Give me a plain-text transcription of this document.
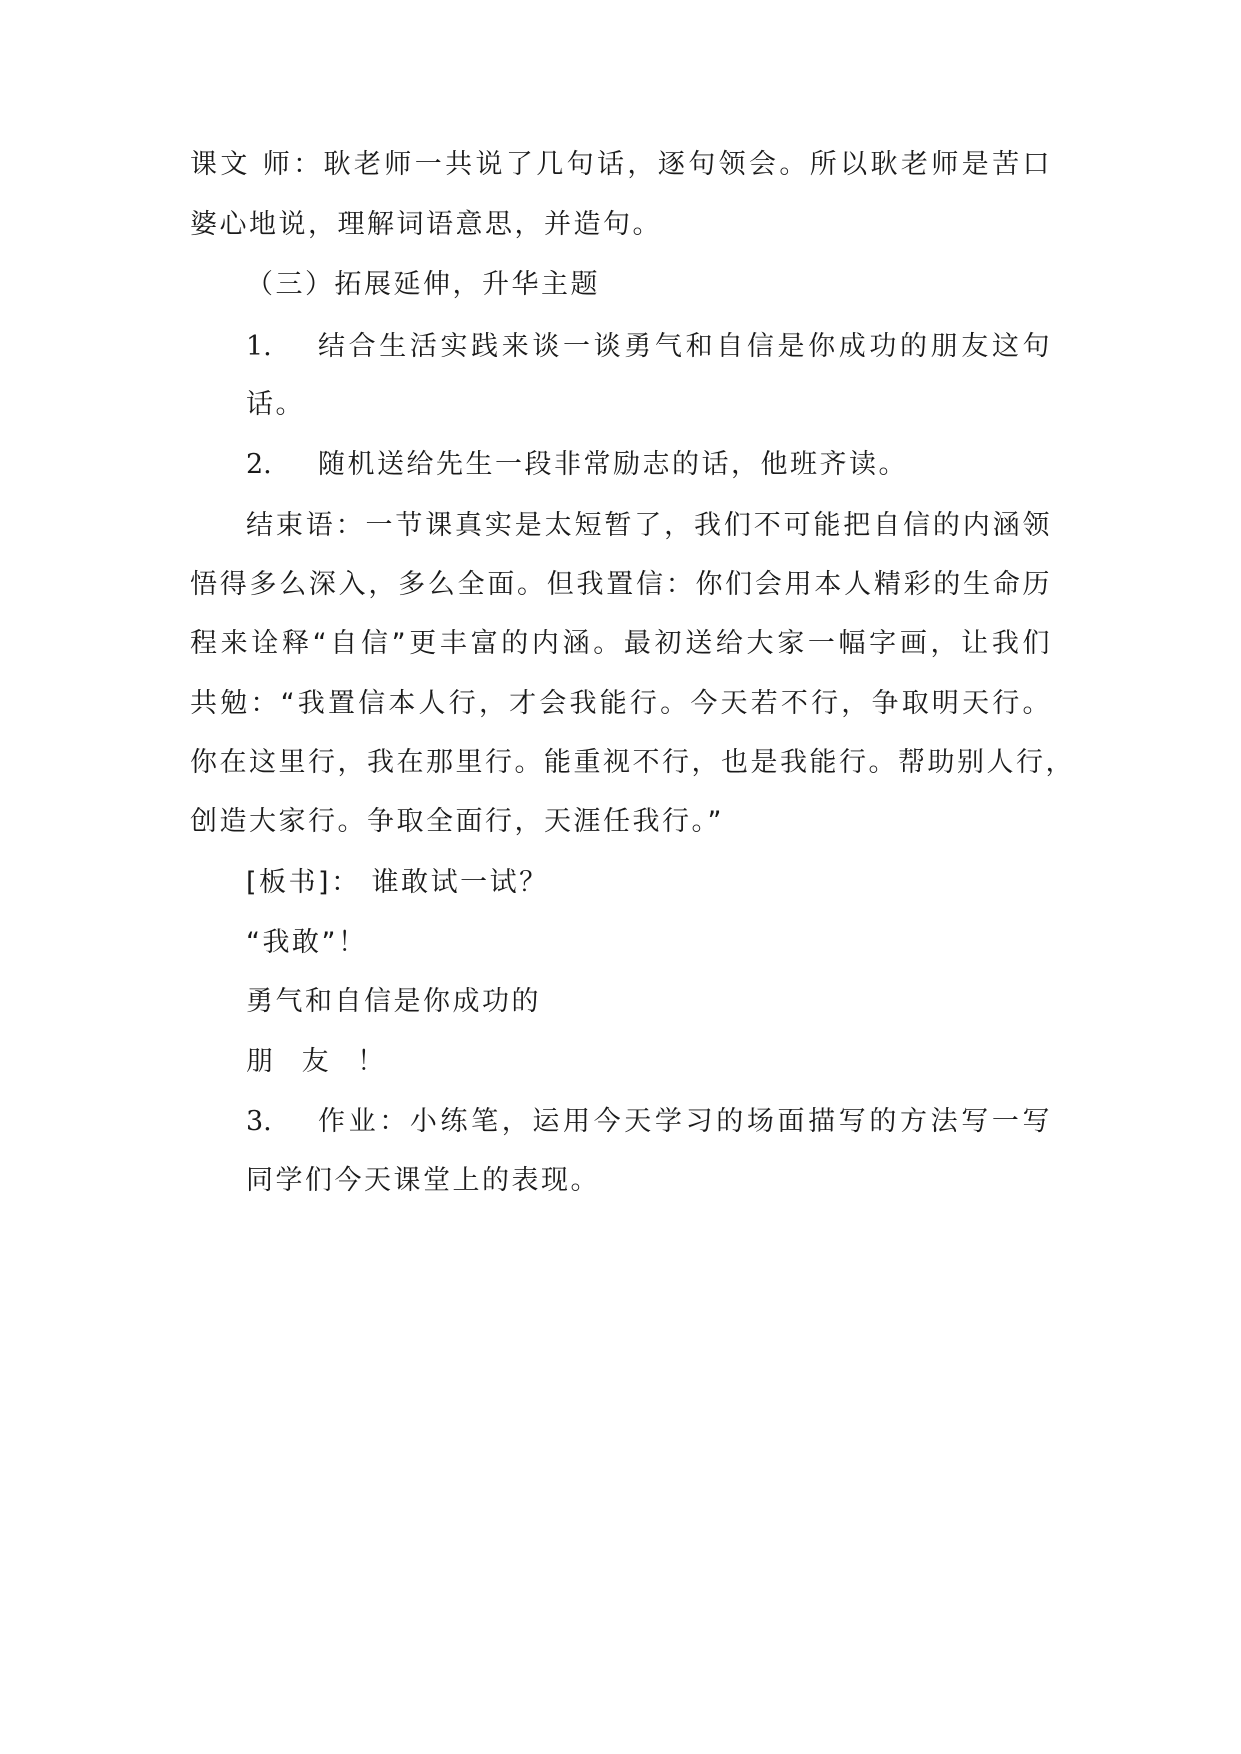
课文 师：耿老师一共说了几句话，逐句领会。所以耿老师是苦口
婆心地说，理解词语意思，并造句。
（三）拓展延伸，升华主题
1. 结合生活实践来谈一谈勇气和自信是你成功的朋友这句
话。
2. 随机送给先生一段非常励志的话，他班齐读。
结束语：一节课真实是太短暂了，我们不可能把自信的内涵领
悟得多么深入，多么全面。但我置信：你们会用本人精彩的生命历
程来诠释“自信”更丰富的内涵。最初送给大家一幅字画，让我们
共勉：“我置信本人行，才会我能行。今天若不行，争取明天行。
你在这里行，我在那里行。能重视不行，也是我能行。帮助别人行，
创造大家行。争取全面行，天涯任我行。”
[板书]： 谁敢试一试？
“我敢”！
勇气和自信是你成功的
朋 友 ！
3. 作业：小练笔，运用今天学习的场面描写的方法写一写
同学们今天课堂上的表现。
